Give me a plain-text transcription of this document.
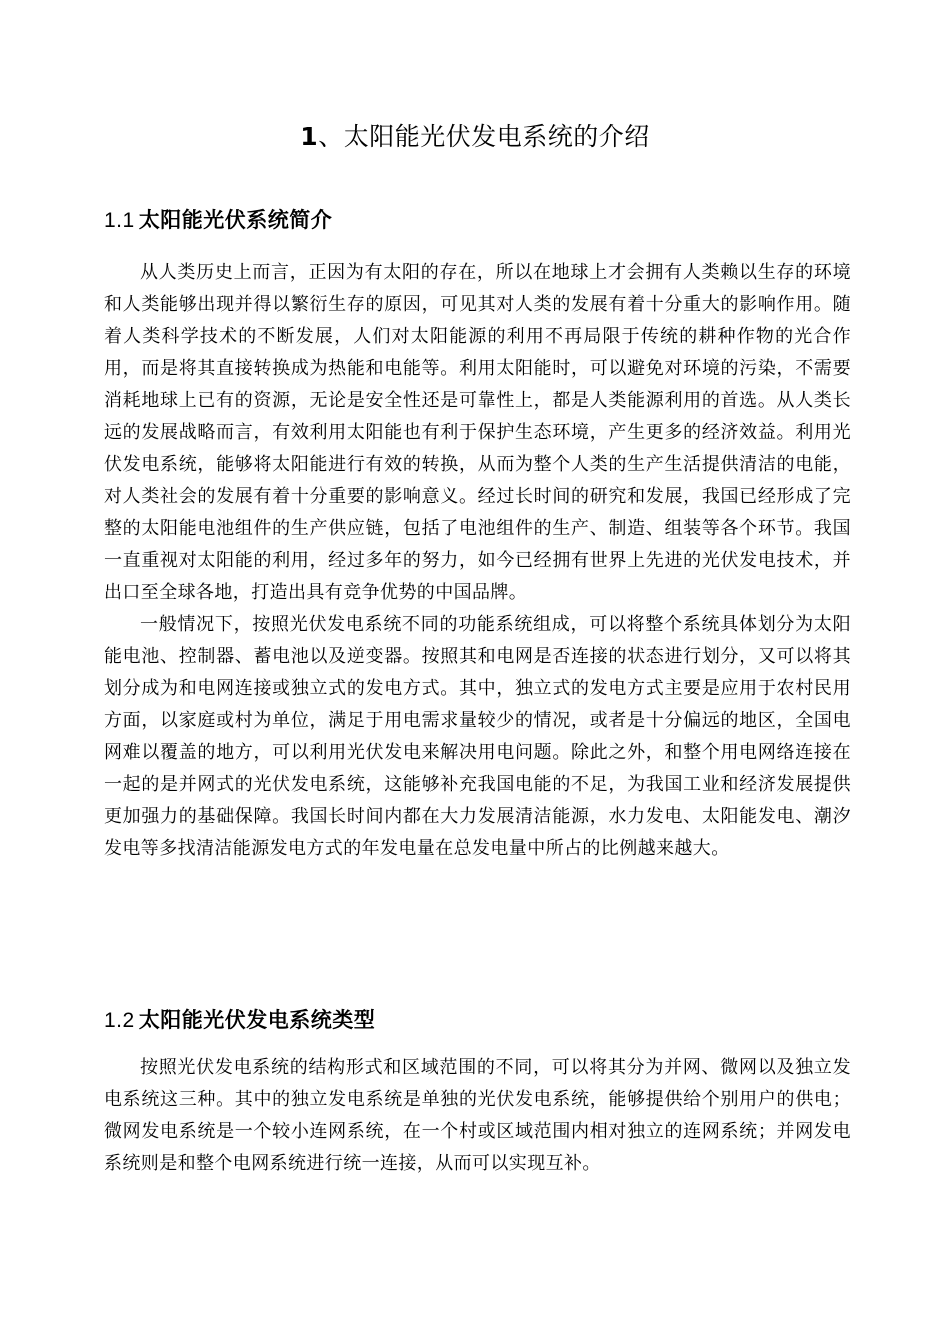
1、太阳能光伏发电系统的介绍
1.1 太阳能光伏系统简介

从人类历史上而言，正因为有太阳的存在，所以在地球上才会拥有人类赖以生存的环境和人类能够出现并得以繁衍生存的原因，可见其对人类的发展有着十分重大的影响作用。随着人类科学技术的不断发展，人们对太阳能源的利用不再局限于传统的耕种作物的光合作用，而是将其直接转换成为热能和电能等。利用太阳能时，可以避免对环境的污染，不需要消耗地球上已有的资源，无论是安全性还是可靠性上，都是人类能源利用的首选。从人类长远的发展战略而言，有效利用太阳能也有利于保护生态环境，产生更多的经济效益。利用光伏发电系统，能够将太阳能进行有效的转换，从而为整个人类的生产生活提供清洁的电能，对人类社会的发展有着十分重要的影响意义。经过长时间的研究和发展，我国已经形成了完整的太阳能电池组件的生产供应链，包括了电池组件的生产、制造、组装等各个环节。我国一直重视对太阳能的利用，经过多年的努力，如今已经拥有世界上先进的光伏发电技术，并出口至全球各地，打造出具有竞争优势的中国品牌。

一般情况下，按照光伏发电系统不同的功能系统组成，可以将整个系统具体划分为太阳能电池、控制器、蓄电池以及逆变器。按照其和电网是否连接的状态进行划分，又可以将其划分成为和电网连接或独立式的发电方式。其中，独立式的发电方式主要是应用于农村民用方面，以家庭或村为单位，满足于用电需求量较少的情况，或者是十分偏远的地区，全国电网难以覆盖的地方，可以利用光伏发电来解决用电问题。除此之外，和整个用电网络连接在一起的是并网式的光伏发电系统，这能够补充我国电能的不足，为我国工业和经济发展提供更加强力的基础保障。我国长时间内都在大力发展清洁能源，水力发电、太阳能发电、潮汐发电等多找清洁能源发电方式的年发电量在总发电量中所占的比例越来越大。

1.2 太阳能光伏发电系统类型

按照光伏发电系统的结构形式和区域范围的不同，可以将其分为并网、微网以及独立发电系统这三种。其中的独立发电系统是单独的光伏发电系统，能够提供给个别用户的供电；微网发电系统是一个较小连网系统，在一个村或区域范围内相对独立的连网系统；并网发电系统则是和整个电网系统进行统一连接，从而可以实现互补。
